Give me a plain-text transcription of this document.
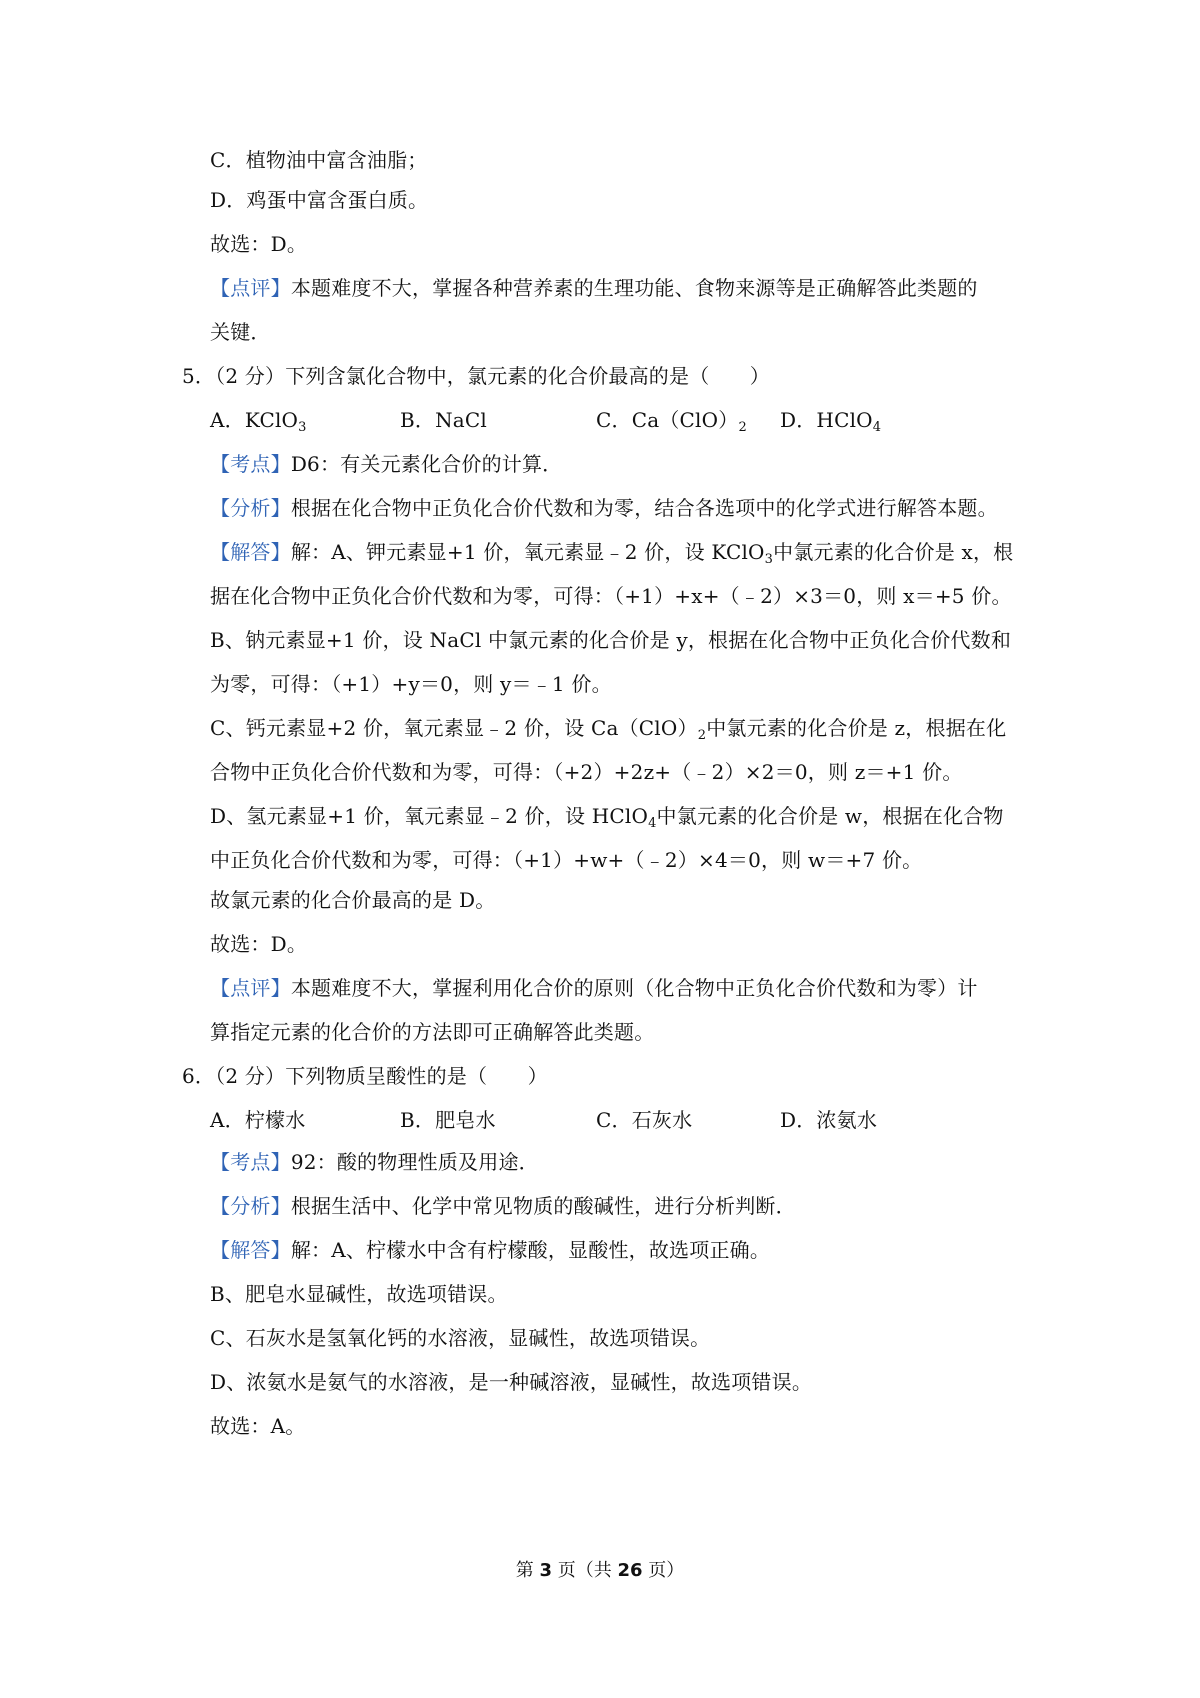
C．植物油中富含油脂；
D．鸡蛋中富含蛋白质。
故选：D。
【点评】本题难度不大，掌握各种营养素的生理功能、食物来源等是正确解答此类题的
关键．
5．（2 分）下列含氯化合物中，氯元素的化合价最高的是（　　）
A．KClO$_3$	B．NaCl	C．$Ca(ClO)_2$ D．HClO$_4$
【考点】D6：有关元素化合价的计算．
【分析】根据在化合物中正负化合价代数和为零，结合各选项中的化学式进行解答本题。
【解答】解：A、钾元素显+1 价，氧元素显﹣2 价，设 KClO$_3$中氯元素的化合价是 x，根
据在化合物中正负化合价代数和为零，可得：（+1）+x+（﹣2）×3＝0，则 x＝+5 价。
B、钠元素显+1 价，设 NaCl 中氯元素的化合价是 y，根据在化合物中正负化合价代数和
为零，可得：（+1）+y＝0，则 y＝﹣1 价。
C、钙元素显+2 价，氧元素显﹣2 价，设 $Ca(ClO)_2$中氯元素的化合价是 z，根据在化
合物中正负化合价代数和为零，可得：（+2）+2z+（﹣2）×2＝0，则 z＝+1 价。
D、氢元素显+1 价，氧元素显﹣2 价，设 HClO$_4$中氯元素的化合价是 w，根据在化合物
中正负化合价代数和为零，可得：（+1）+w+（﹣2）×4＝0，则 w＝+7 价。
故氯元素的化合价最高的是 D。
故选：D。
【点评】本题难度不大，掌握利用化合价的原则（化合物中正负化合价代数和为零）计
算指定元素的化合价的方法即可正确解答此类题。
6．（2 分）下列物质呈酸性的是（　　）
A．柠檬水	B．肥皂水	C．石灰水	D．浓氨水
【考点】92：酸的物理性质及用途．
【分析】根据生活中、化学中常见物质的酸碱性，进行分析判断．
【解答】解：A、柠檬水中含有柠檬酸，显酸性，故选项正确。
B、肥皂水显碱性，故选项错误。
C、石灰水是氢氧化钙的水溶液，显碱性，故选项错误。
D、浓氨水是氨气的水溶液，是一种碱溶液，显碱性，故选项错误。
故选：A。
第 3 页（共 26 页）
